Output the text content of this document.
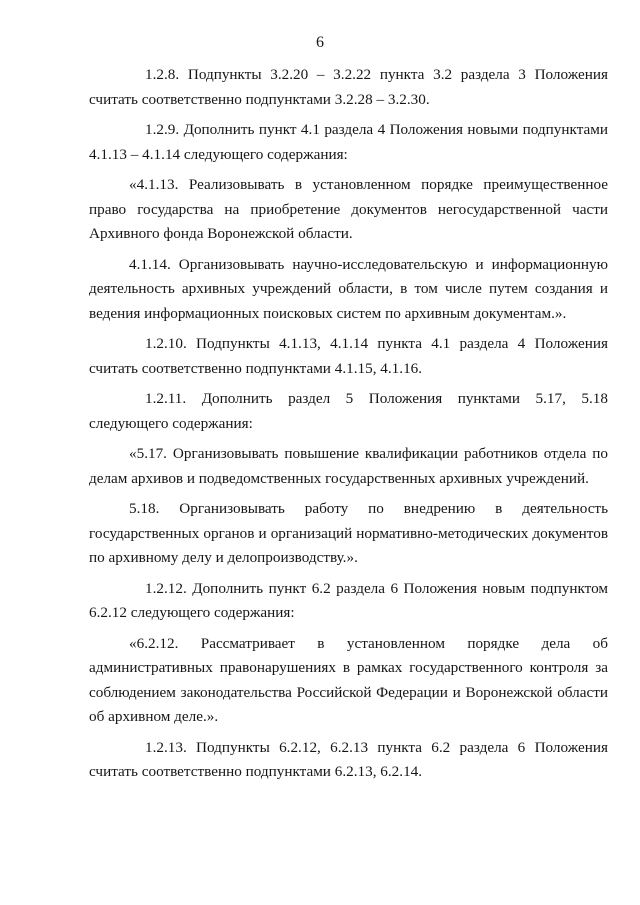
6

1.2.8. Подпункты 3.2.20 – 3.2.22 пункта 3.2 раздела 3 Положения считать соответственно подпунктами 3.2.28 – 3.2.30.

1.2.9. Дополнить пункт 4.1 раздела 4 Положения новыми подпунктами 4.1.13 – 4.1.14 следующего содержания:

«4.1.13. Реализовывать в установленном порядке преимущественное право государства на приобретение документов негосударственной части Архивного фонда Воронежской области.

4.1.14. Организовывать научно-исследовательскую и информационную деятельность архивных учреждений области, в том числе путем создания и ведения информационных поисковых систем по архивным документам.».

1.2.10. Подпункты 4.1.13, 4.1.14 пункта 4.1 раздела 4 Положения считать соответственно подпунктами 4.1.15, 4.1.16.

1.2.11. Дополнить раздел 5 Положения пунктами 5.17, 5.18 следующего содержания:

«5.17. Организовывать повышение квалификации работников отдела по делам архивов и подведомственных государственных архивных учреждений.

5.18. Организовывать работу по внедрению в деятельность государственных органов и организаций нормативно-методических документов по архивному делу и делопроизводству.».

1.2.12. Дополнить пункт 6.2 раздела 6 Положения новым подпунктом 6.2.12 следующего содержания:

«6.2.12. Рассматривает в установленном порядке дела об административных правонарушениях в рамках государственного контроля за соблюдением законодательства Российской Федерации и Воронежской области об архивном деле.».

1.2.13. Подпункты 6.2.12, 6.2.13 пункта 6.2 раздела 6 Положения считать соответственно подпунктами 6.2.13, 6.2.14.
